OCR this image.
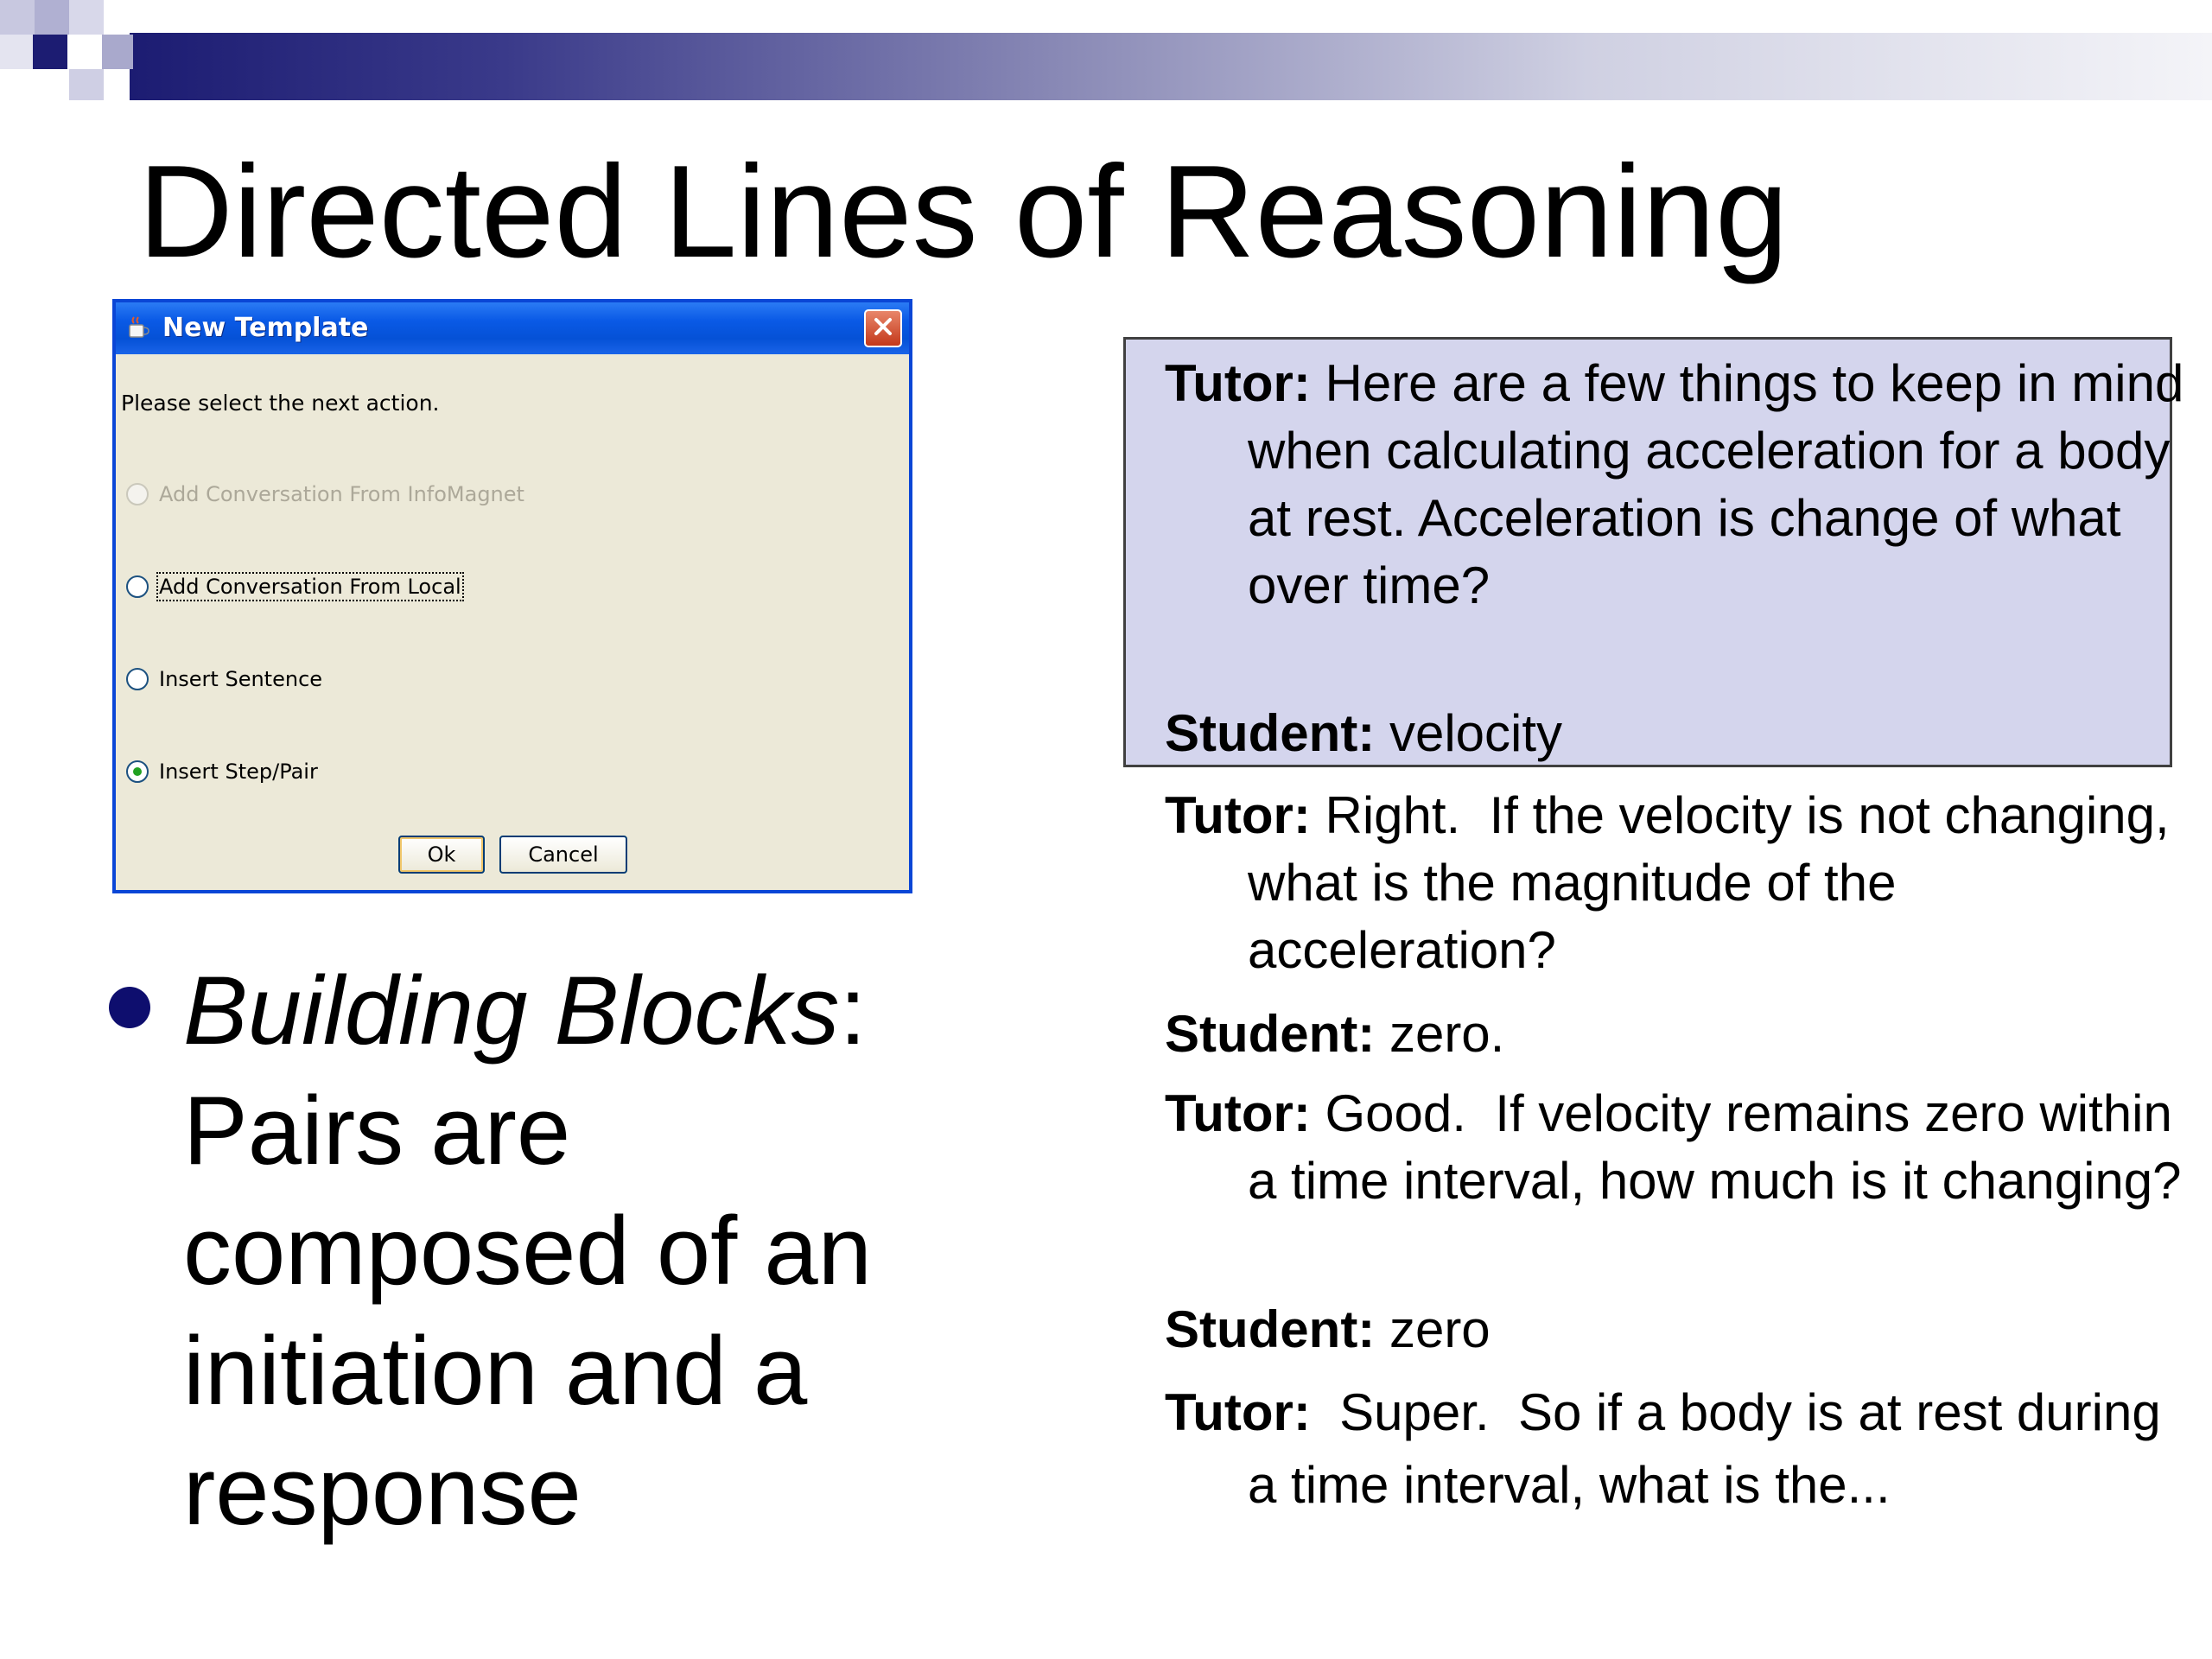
Directed Lines of Reasoning
New Template
Please select the next action.
Add Conversation From InfoMagnet
Add Conversation From Local
Insert Sentence
Insert Step/Pair
Ok	Cancel
Building Blocks:
Pairs are composed of an initiation and a response
Tutor: Here are a few things to keep in mind when calculating acceleration for a body at rest. Acceleration is change of what over time?
Student: velocity
Tutor: Right.  If the velocity is not changing, what is the magnitude of the acceleration?
Student: zero.
Tutor: Good.  If velocity remains zero within a time interval, how much is it changing?
Student: zero
Tutor:  Super.  So if a body is at rest during a time interval, what is the...
